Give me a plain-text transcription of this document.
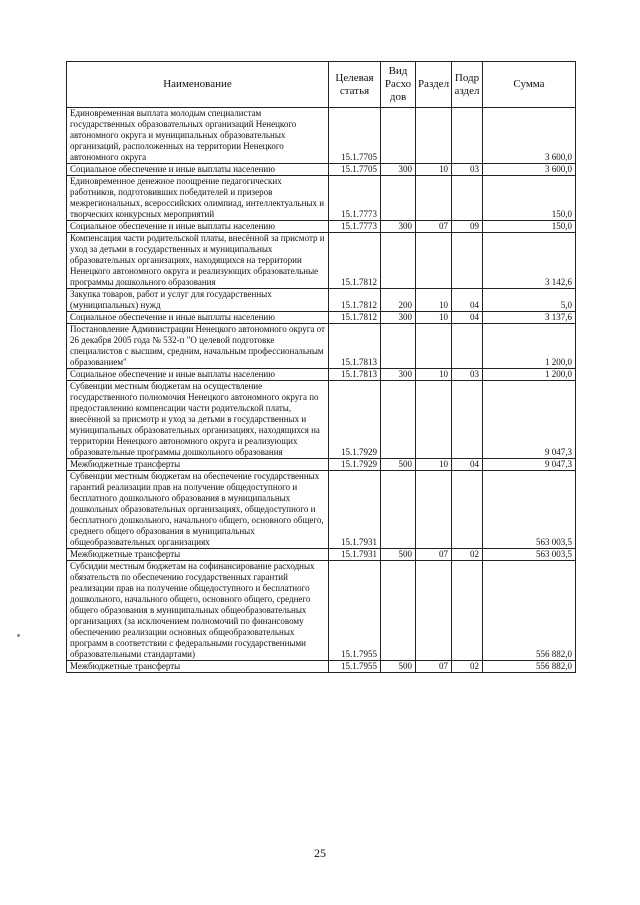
Наименование	Целевая статья	Вид Расхо дов	Раздел	Подр аздел	Сумма
Единовременная выплата молодым специалистам государственных образовательных организаций Ненецкого автономного округа и муниципальных образовательных организаций, расположенных на территории Ненецкого автономного округа	15.1.7705				3 600,0
Социальное обеспечение и иные выплаты населению	15.1.7705	300	10	03	3 600,0
Единовременное денежное поощрение педагогических работников, подготовивших победителей и призеров межрегиональных, всероссийских олимпиад, интеллектуальных и творческих конкурсных мероприятий	15.1.7773				150,0
Социальное обеспечение и иные выплаты населению	15.1.7773	300	07	09	150,0
Компенсация части родительской платы, внесённой за присмотр и уход за детьми в государственных и муниципальных образовательных организациях, находящихся на территории Ненецкого автономного округа и реализующих образовательные программы дошкольного образования	15.1.7812				3 142,6
Закупка товаров, работ и услуг для государственных (муниципальных) нужд	15.1.7812	200	10	04	5,0
Социальное обеспечение и иные выплаты населению	15.1.7812	300	10	04	3 137,6
Постановление Администрации Ненецкого автономного округа от 26 декабря 2005 года № 532-п "О целевой подготовке специалистов с высшим, средним, начальным профессиональным образованием"	15.1.7813				1 200,0
Социальное обеспечение и иные выплаты населению	15.1.7813	300	10	03	1 200,0
Субвенции местным бюджетам на осуществление государственного полномочия Ненецкого автономного округа по предоставлению компенсации части родительской платы, внесённой за присмотр и уход за детьми в государственных и муниципальных образовательных организациях, находящихся на территории Ненецкого автономного округа и реализующих образовательные программы дошкольного образования	15.1.7929				9 047,3
Межбюджетные трансферты	15.1.7929	500	10	04	9 047,3
Субвенции местным бюджетам на обеспечение государственных гарантий реализации прав на получение общедоступного и бесплатного дошкольного образования в муниципальных дошкольных образовательных организациях, общедоступного и бесплатного дошкольного, начального общего, основного общего, среднего общего образования в муниципальных общеобразовательных организациях	15.1.7931				563 003,5
Межбюджетные трансферты	15.1.7931	500	07	02	563 003,5
Субсидии местным бюджетам на софинансирование расходных обязательств по обеспечению государственных гарантий реализации прав на получение общедоступного и бесплатного дошкольного, начального общего, основного общего, среднего общего образования в муниципальных общеобразовательных организациях (за исключением полномочий по финансовому обеспечению реализации основных общеобразовательных программ в соответствии с федеральными государственными образовательными стандартами)	15.1.7955				556 882,0
Межбюджетные трансферты	15.1.7955	500	07	02	556 882,0
25
